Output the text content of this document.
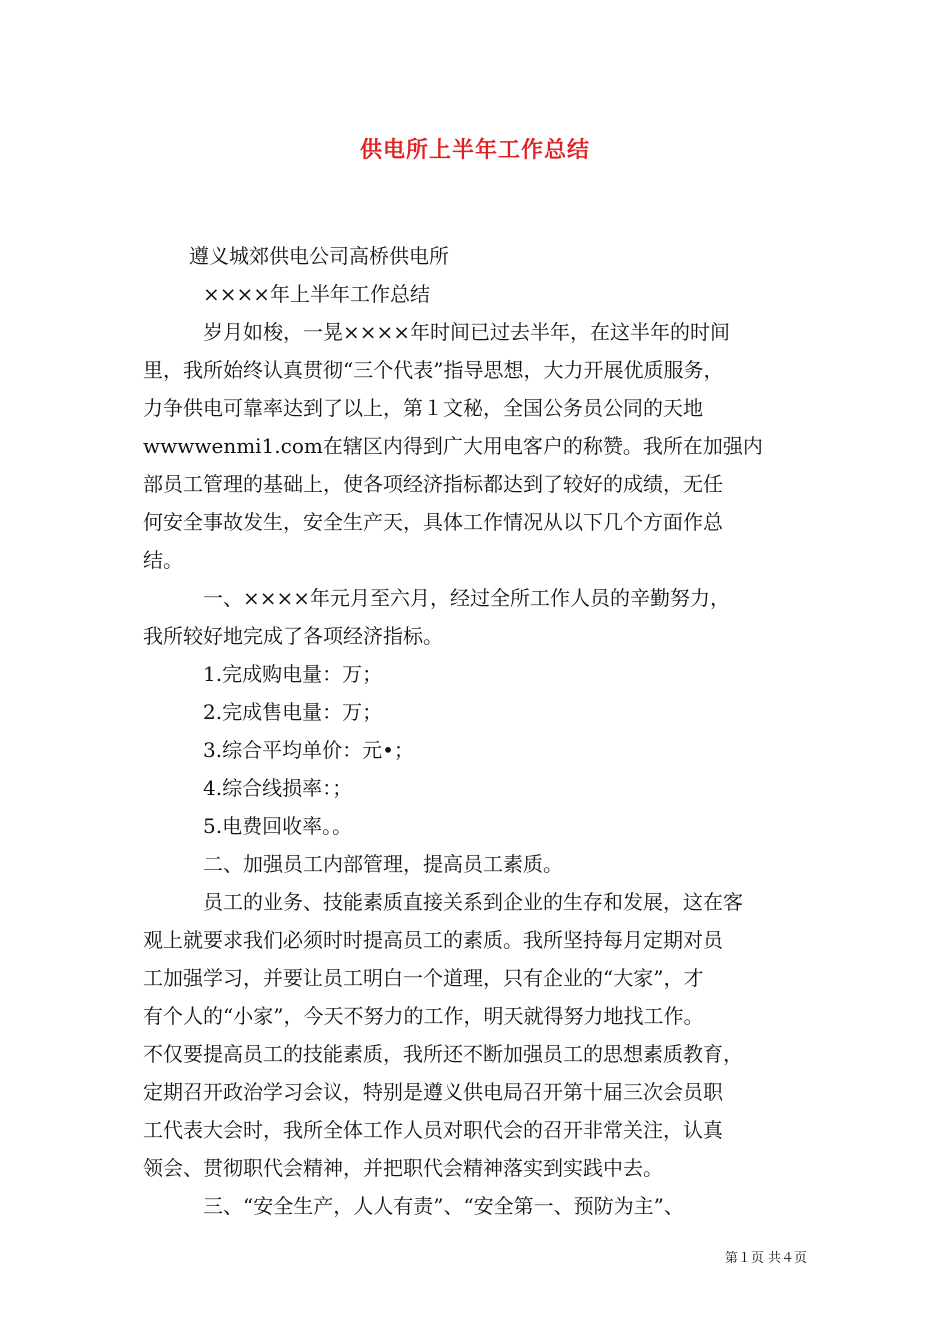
供电所上半年工作总结
遵义城郊供电公司高桥供电所
××××年上半年工作总结
岁月如梭，一晃××××年时间已过去半年，在这半年的时间
里，我所始终认真贯彻“三个代表”指导思想，大力开展优质服务，
力争供电可靠率达到了以上，第１文秘，全国公务员公同的天地
wwwwenmi1.com在辖区内得到广大用电客户的称赞。我所在加强内
部员工管理的基础上，使各项经济指标都达到了较好的成绩，无任
何安全事故发生，安全生产天，具体工作情况从以下几个方面作总
结。
一、××××年元月至六月，经过全所工作人员的辛勤努力，
我所较好地完成了各项经济指标。
1.完成购电量：万；
2.完成售电量：万；
3.综合平均单价：元•；
4.综合线损率：；
5.电费回收率。。
二、加强员工内部管理，提高员工素质。
员工的业务、技能素质直接关系到企业的生存和发展，这在客
观上就要求我们必须时时提高员工的素质。我所坚持每月定期对员
工加强学习，并要让员工明白一个道理，只有企业的“大家”，才
有个人的“小家”，今天不努力的工作，明天就得努力地找工作。
不仅要提高员工的技能素质，我所还不断加强员工的思想素质教育，
定期召开政治学习会议，特别是遵义供电局召开第十届三次会员职
工代表大会时，我所全体工作人员对职代会的召开非常关注，认真
领会、贯彻职代会精神，并把职代会精神落实到实践中去。
三、“安全生产，人人有责”、“安全第一、预防为主”、
第１页 共４页
